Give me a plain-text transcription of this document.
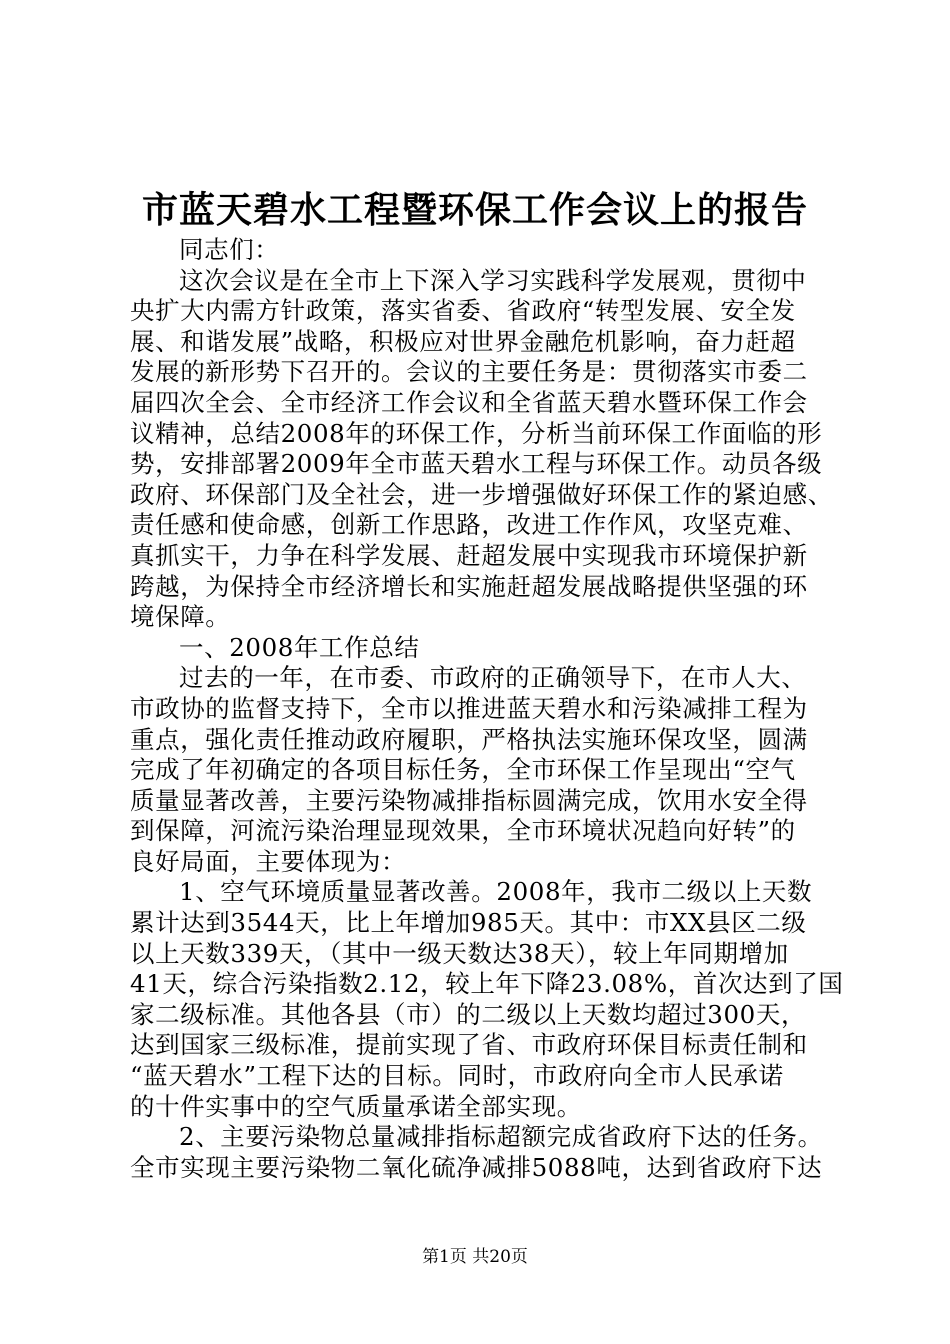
市蓝天碧水工程暨环保工作会议上的报告
同志们：
这次会议是在全市上下深入学习实践科学发展观，贯彻中
央扩大内需方针政策，落实省委、省政府“转型发展、安全发
展、和谐发展”战略，积极应对世界金融危机影响，奋力赶超
发展的新形势下召开的。会议的主要任务是：贯彻落实市委二
届四次全会、全市经济工作会议和全省蓝天碧水暨环保工作会
议精神，总结2008年的环保工作，分析当前环保工作面临的形
势，安排部署2009年全市蓝天碧水工程与环保工作。动员各级
政府、环保部门及全社会，进一步增强做好环保工作的紧迫感、
责任感和使命感，创新工作思路，改进工作作风，攻坚克难、
真抓实干，力争在科学发展、赶超发展中实现我市环境保护新
跨越，为保持全市经济增长和实施赶超发展战略提供坚强的环
境保障。
一、2008年工作总结
过去的一年，在市委、市政府的正确领导下，在市人大、
市政协的监督支持下，全市以推进蓝天碧水和污染减排工程为
重点，强化责任推动政府履职，严格执法实施环保攻坚，圆满
完成了年初确定的各项目标任务，全市环保工作呈现出“空气
质量显著改善，主要污染物减排指标圆满完成，饮用水安全得
到保障，河流污染治理显现效果，全市环境状况趋向好转”的
良好局面，主要体现为：
1、空气环境质量显著改善。2008年，我市二级以上天数
累计达到3544天，比上年增加985天。其中：市XX县区二级
以上天数339天，（其中一级天数达38天），较上年同期增加
41天，综合污染指数2.12，较上年下降23.08%，首次达到了国
家二级标准。其他各县（市）的二级以上天数均超过300天，
达到国家三级标准，提前实现了省、市政府环保目标责任制和
“蓝天碧水”工程下达的目标。同时，市政府向全市人民承诺
的十件实事中的空气质量承诺全部实现。
2、主要污染物总量减排指标超额完成省政府下达的任务。
全市实现主要污染物二氧化硫净减排5088吨，达到省政府下达
第1页 共20页
